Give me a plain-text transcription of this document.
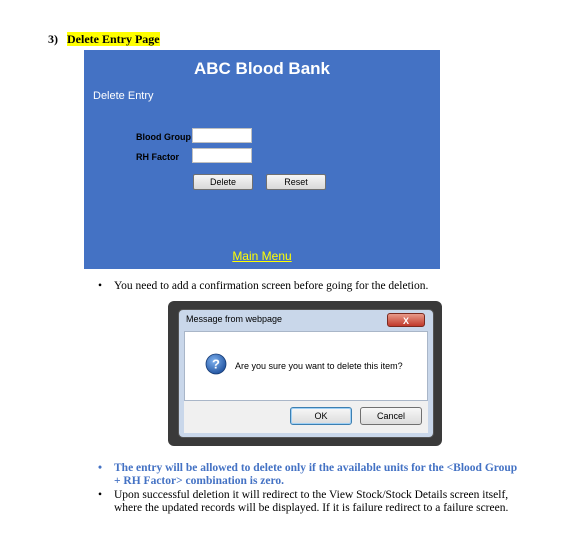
3) Delete Entry Page
ABC Blood Bank
Delete Entry
Blood Group
RH Factor
Delete	Reset
Main Menu
• You need to add a confirmation screen before going for the deletion.
Message from webpage	X
? Are you sure you want to delete this item?
OK	Cancel
• The entry will be allowed to delete only if the available units for the <Blood Group
+ RH Factor> combination is zero.
• Upon successful deletion it will redirect to the View Stock/Stock Details screen itself,
where the updated records will be displayed. If it is failure redirect to a failure screen.
